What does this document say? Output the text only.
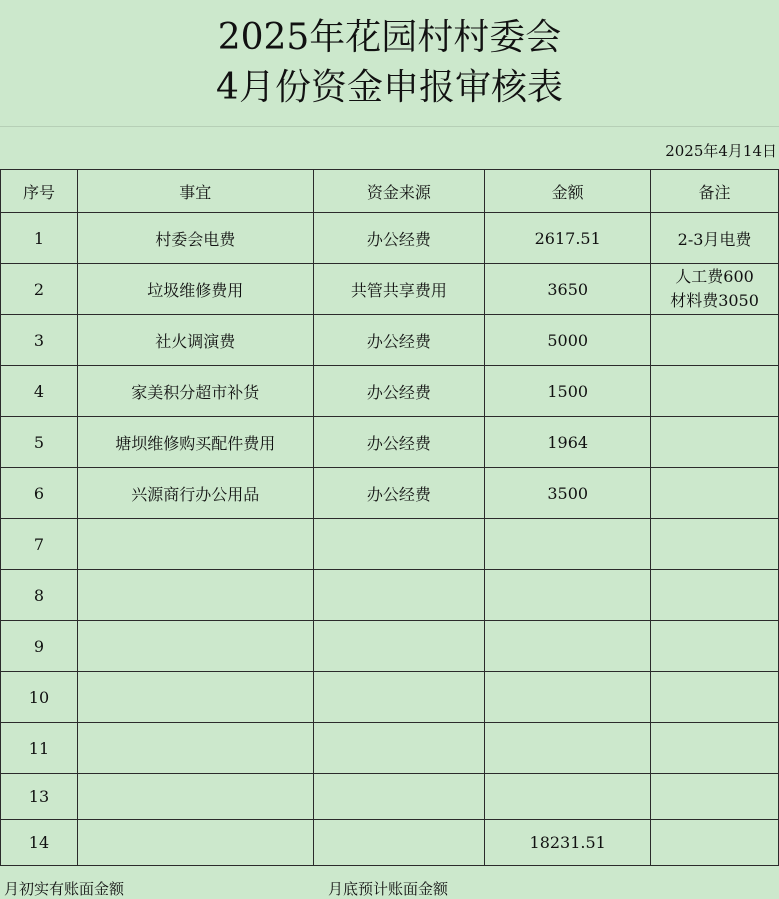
2025年花园村村委会
4月份资金申报审核表
2025年4月14日
序号	事宜	资金来源	金额	备注
1	村委会电费	办公经费	2617.51	2-3月电费
2	垃圾维修费用	共管共享费用	3650	人工费600
材料费3050

3	社火调演费	办公经费	5000	
4	家美积分超市补货	办公经费	1500	
5	塘坝维修购买配件费用	办公经费	1964	
6	兴源商行办公用品	办公经费	3500	
7				
8				
9				
10				
11				
13				
14			18231.51	
月初实有账面金额	月底预计账面金额
